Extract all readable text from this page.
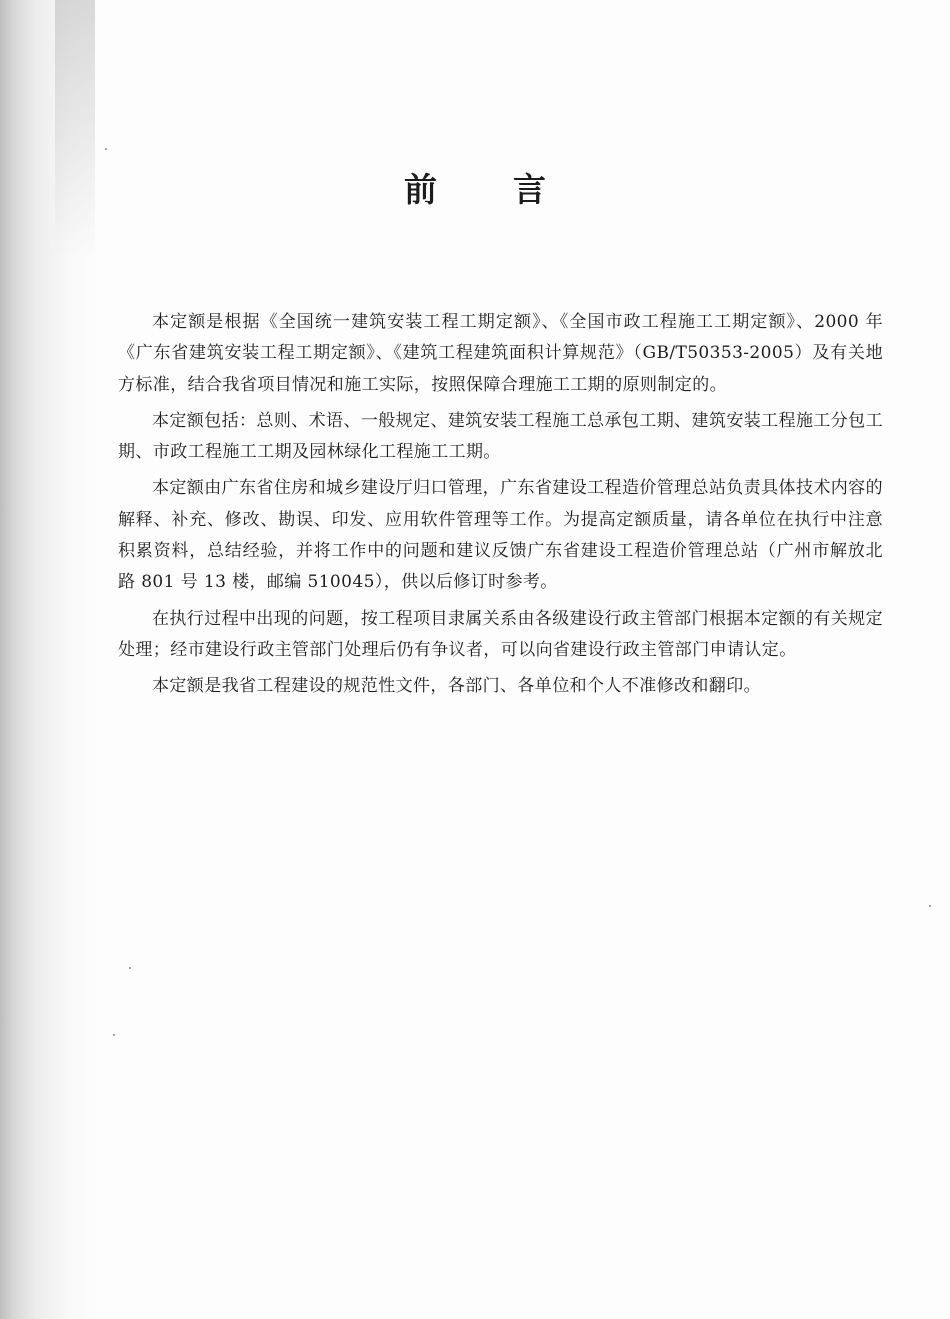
前 言

本定额是根据《全国统一建筑安装工程工期定额》、《全国市政工程施工工期定额》、2000 年《广东省建筑安装工程工期定额》、《建筑工程建筑面积计算规范》（GB/T50353-2005）及有关地方标准，结合我省项目情况和施工实际，按照保障合理施工工期的原则制定的。

本定额包括：总则、术语、一般规定、建筑安装工程施工总承包工期、建筑安装工程施工分包工期、市政工程施工工期及园林绿化工程施工工期。

本定额由广东省住房和城乡建设厅归口管理，广东省建设工程造价管理总站负责具体技术内容的解释、补充、修改、勘误、印发、应用软件管理等工作。为提高定额质量，请各单位在执行中注意积累资料，总结经验，并将工作中的问题和建议反馈广东省建设工程造价管理总站（广州市解放北路 801 号 13 楼，邮编 510045），供以后修订时参考。

在执行过程中出现的问题，按工程项目隶属关系由各级建设行政主管部门根据本定额的有关规定处理；经市建设行政主管部门处理后仍有争议者，可以向省建设行政主管部门申请认定。

本定额是我省工程建设的规范性文件，各部门、各单位和个人不准修改和翻印。
